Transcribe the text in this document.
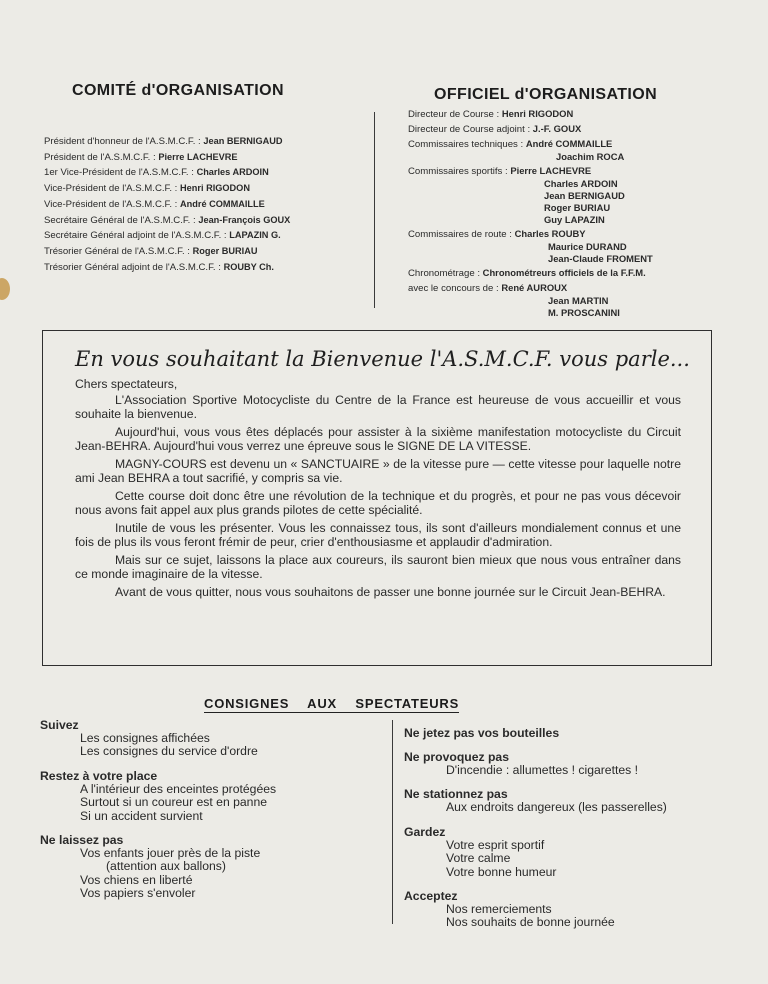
COMITÉ d'ORGANISATION
Président d'honneur de l'A.S.M.C.F. : Jean BERNIGAUD
Président de l'A.S.M.C.F. : Pierre LACHEVRE
1er Vice-Président de l'A.S.M.C.F. : Charles ARDOIN
Vice-Président de l'A.S.M.C.F. : Henri RIGODON
Vice-Président de l'A.S.M.C.F. : André COMMAILLE
Secrétaire Général de l'A.S.M.C.F. : Jean-François GOUX
Secrétaire Général adjoint de l'A.S.M.C.F. : LAPAZIN G.
Trésorier Général de l'A.S.M.C.F. : Roger BURIAU
Trésorier Général adjoint de l'A.S.M.C.F. : ROUBY Ch.
OFFICIEL d'ORGANISATION
Directeur de Course : Henri RIGODON
Directeur de Course adjoint : J.-F. GOUX
Commissaires techniques : André COMMAILLE
Joachim ROCA
Commissaires sportifs : Pierre LACHEVRE
Charles ARDOIN
Jean BERNIGAUD
Roger BURIAU
Guy LAPAZIN
Commissaires de route : Charles ROUBY
Maurice DURAND
Jean-Claude FROMENT
Chronométrage : Chronométreurs officiels de la F.F.M.
avec le concours de : René AUROUX
Jean MARTIN
M. PROSCANINI
En vous souhaitant la Bienvenue l'A.S.M.C.F. vous parle...
Chers spectateurs,

L'Association Sportive Motocycliste du Centre de la France est heureuse de vous accueillir et vous souhaite la bienvenue.

Aujourd'hui, vous vous êtes déplacés pour assister à la sixième manifestation motocycliste du Circuit Jean-BEHRA. Aujourd'hui vous verrez une épreuve sous le SIGNE DE LA VITESSE.

MAGNY-COURS est devenu un « SANCTUAIRE » de la vitesse pure — cette vitesse pour laquelle notre ami Jean BEHRA a tout sacrifié, y compris sa vie.

Cette course doit donc être une révolution de la technique et du progrès, et pour ne pas vous décevoir nous avons fait appel aux plus grands pilotes de cette spécialité.

Inutile de vous les présenter. Vous les connaissez tous, ils sont d'ailleurs mondialement connus et une fois de plus ils vous feront frémir de peur, crier d'enthousiasme et applaudir d'admiration.

Mais sur ce sujet, laissons la place aux coureurs, ils sauront bien mieux que nous vous entraîner dans ce monde imaginaire de la vitesse.

Avant de vous quitter, nous vous souhaitons de passer une bonne journée sur le Circuit Jean-BEHRA.

CONSIGNES AUX SPECTATEURS
Suivez
Les consignes affichées
Les consignes du service d'ordre
Restez à votre place
A l'intérieur des enceintes protégées
Surtout si un coureur est en panne
Si un accident survient
Ne laissez pas
Vos enfants jouer près de la piste
(attention aux ballons)
Vos chiens en liberté
Vos papiers s'envoler
Ne jetez pas vos bouteilles
Ne provoquez pas
D'incendie : allumettes ! cigarettes !
Ne stationnez pas
Aux endroits dangereux (les passerelles)
Gardez
Votre esprit sportif
Votre calme
Votre bonne humeur
Acceptez
Nos remerciements
Nos souhaits de bonne journée
